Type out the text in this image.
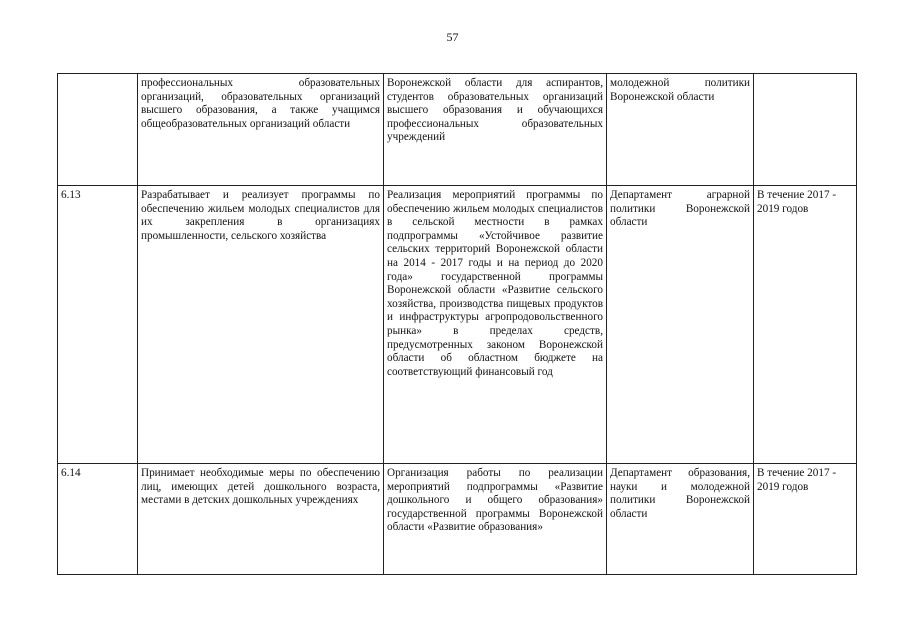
57
	профессиональных образовательных организаций, образовательных организаций высшего образования, а также учащимся общеобразовательных организаций области	Воронежской области для аспирантов, студентов образовательных организаций высшего образования и обучающихся профессиональных образовательных учреждений	молодежной политики Воронежской области	
6.13	Разрабатывает и реализует программы по обеспечению жильем молодых специалистов для их закрепления в организациях промышленности, сельского хозяйства	Реализация мероприятий программы по обеспечению жильем молодых специалистов в сельской местности в рамках подпрограммы «Устойчивое развитие сельских территорий Воронежской области на 2014 - 2017 годы и на период до 2020 года» государственной программы Воронежской области «Развитие сельского хозяйства, производства пищевых продуктов и инфраструктуры агропродовольственного рынка» в пределах средств, предусмотренных законом Воронежской области об областном бюджете на соответствующий финансовый год	Департамент аграрной политики Воронежской области	В течение 2017 - 2019 годов
6.14	Принимает необходимые меры по обеспечению лиц, имеющих детей дошкольного возраста, местами в детских дошкольных учреждениях	Организация работы по реализации мероприятий подпрограммы «Развитие дошкольного и общего образования» государственной программы Воронежской области «Развитие образования»	Департамент образования, науки и молодежной политики Воронежской области	В течение 2017 - 2019 годов
